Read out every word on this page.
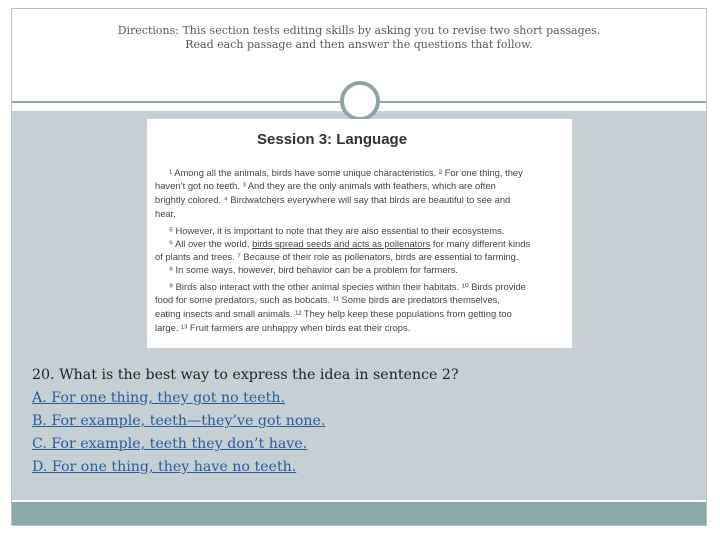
Directions: This section tests editing skills by asking you to revise two short passages.
Read each passage and then answer the questions that follow.
Session 3: Language
¹ Among all the animals, birds have some unique characteristics. ² For one thing, they
haven’t got no teeth. ³ And they are the only animals with feathers, which are often
brightly colored. ⁴ Birdwatchers everywhere will say that birds are beautiful to see and
hear.
⁵ However, it is important to note that they are also essential to their ecosystems.
⁶ All over the world, birds spread seeds and acts as pollenators for many different kinds
of plants and trees. ⁷ Because of their role as pollenators, birds are essential to farming.
⁸ In some ways, however, bird behavior can be a problem for farmers.
⁹ Birds also interact with the other animal species within their habitats. ¹⁰ Birds provide
food for some predators, such as bobcats. ¹¹ Some birds are predators themselves,
eating insects and small animals. ¹² They help keep these populations from getting too
large. ¹³ Fruit farmers are unhappy when birds eat their crops.
20. What is the best way to express the idea in sentence 2?
A. For one thing, they got no teeth.
B. For example, teeth—they’ve got none.
C. For example, teeth they don’t have.
D. For one thing, they have no teeth.
